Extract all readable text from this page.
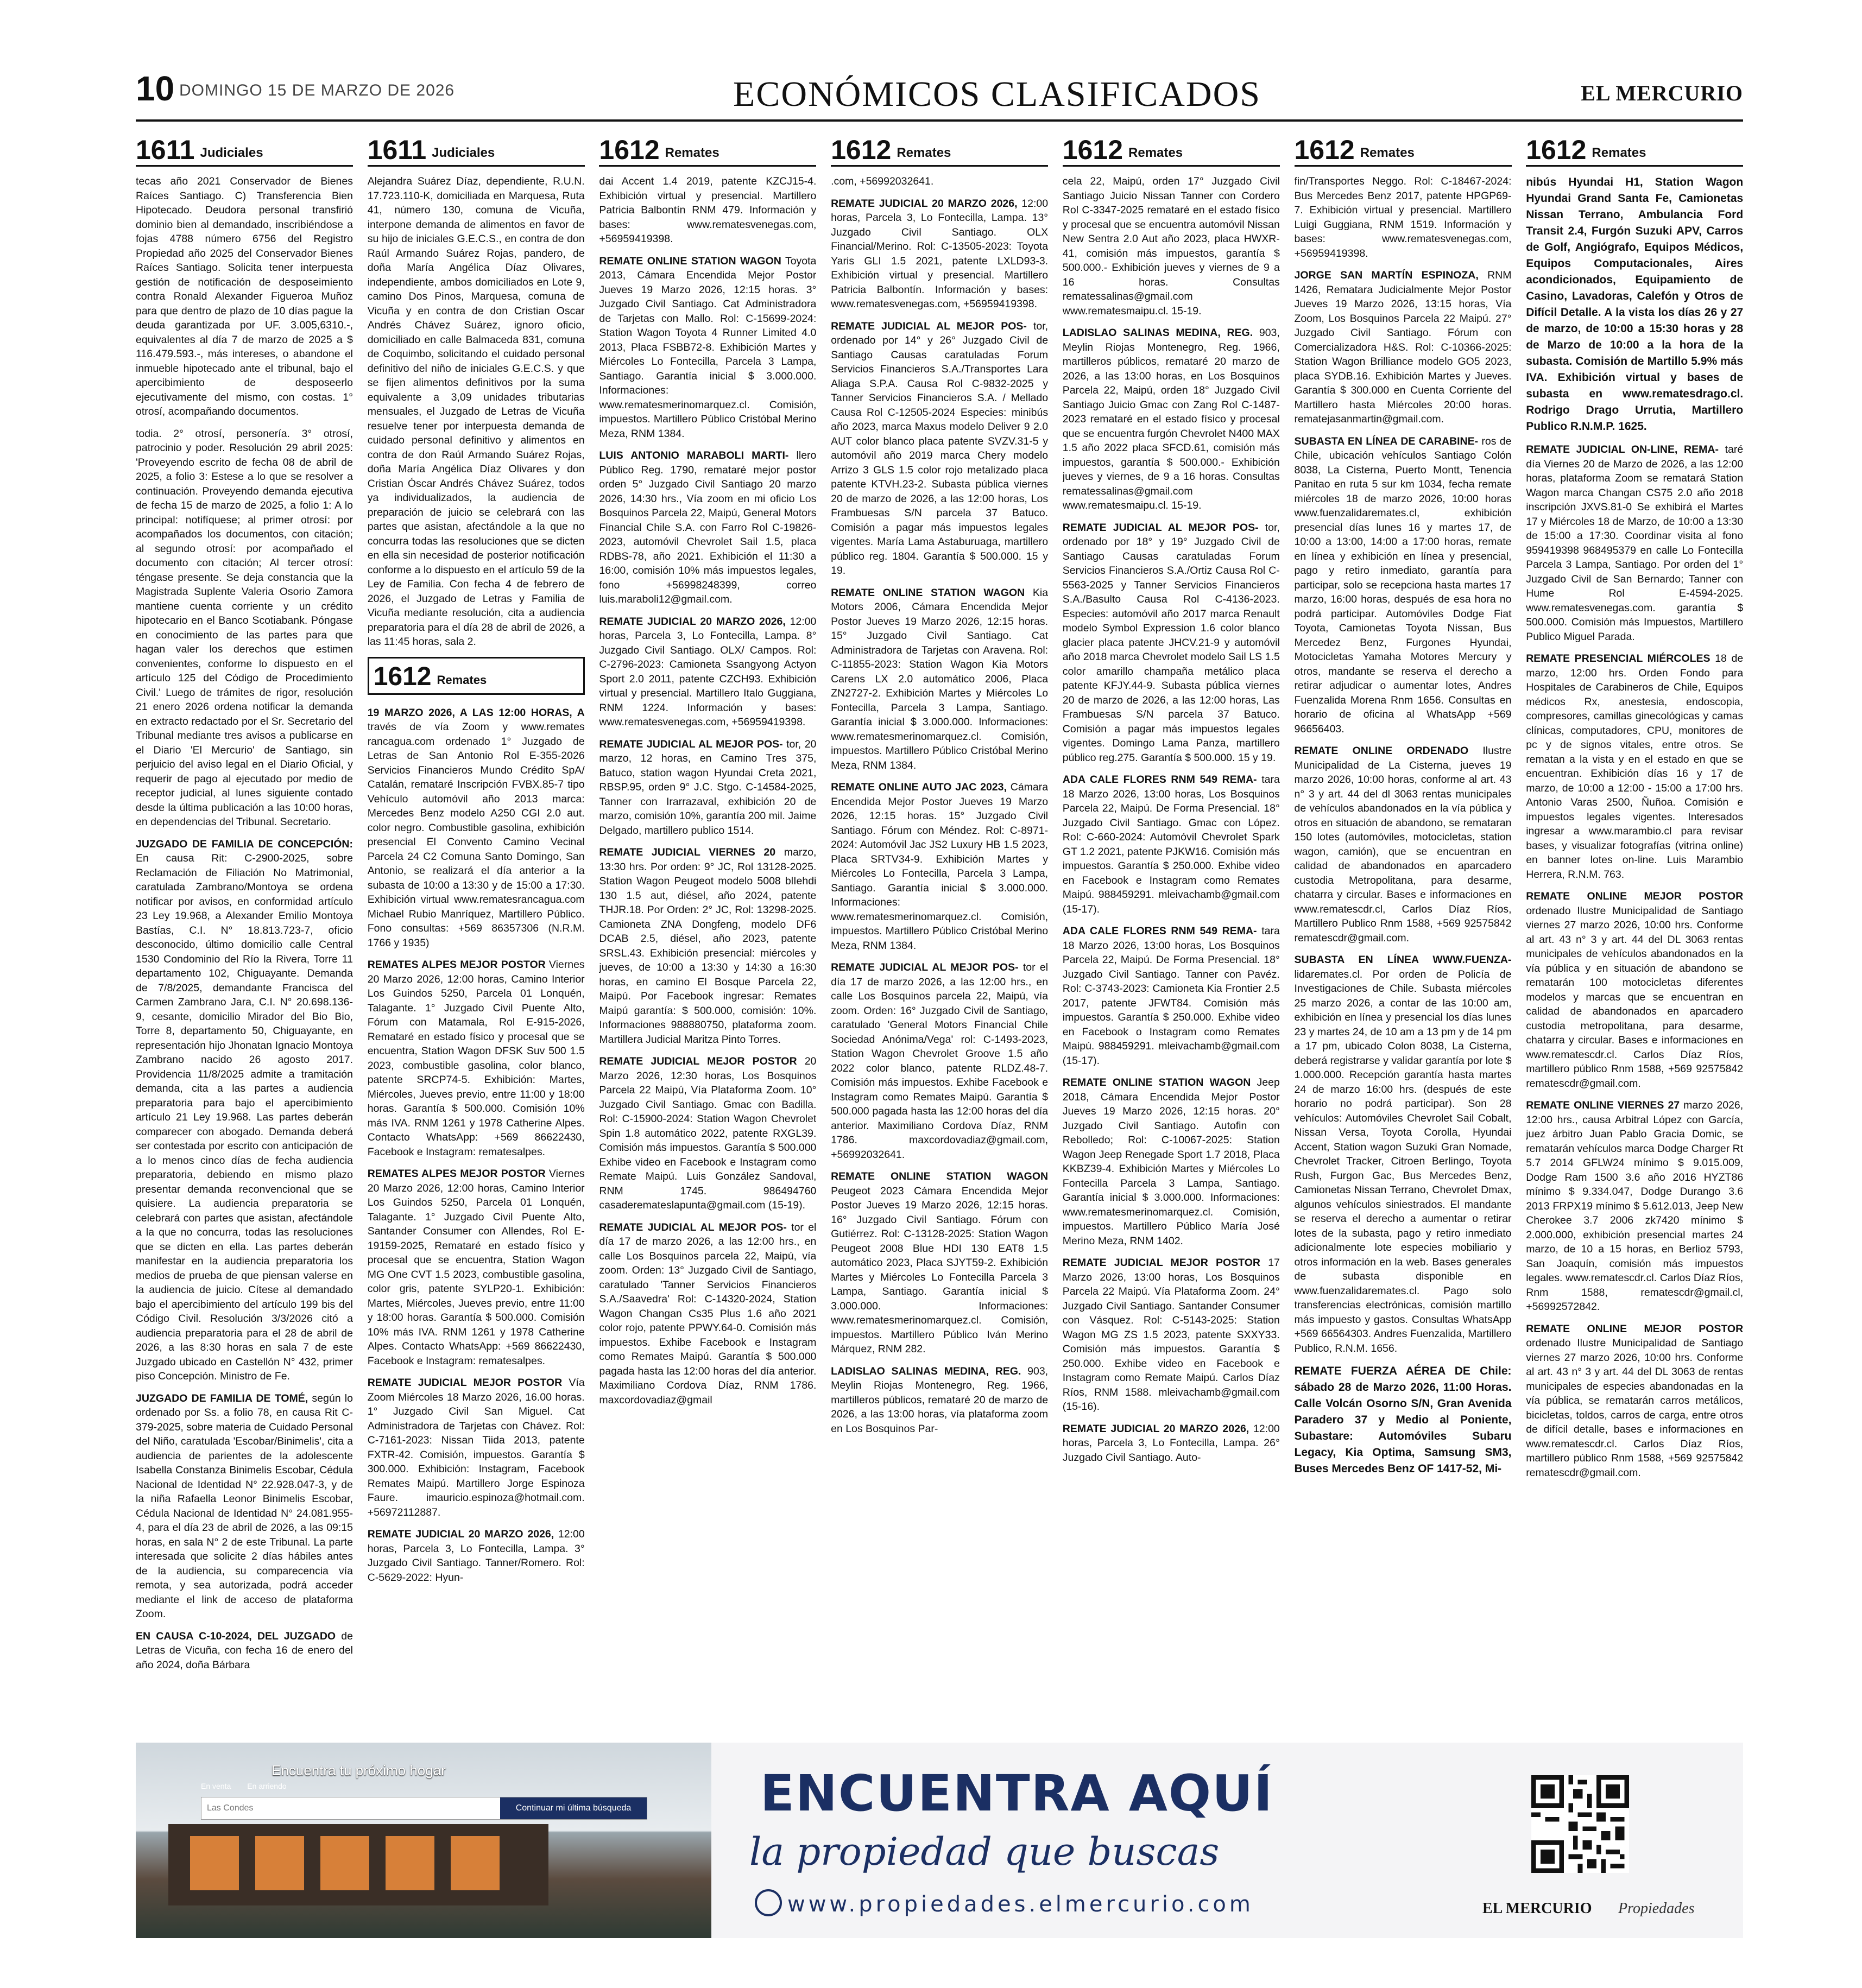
10 DOMINGO 15 DE MARZO DE 2026	ECONÓMICOS CLASIFICADOS	EL MERCURIO
1611 Judiciales

tecas año 2021 Conservador de Bienes Raíces Santiago. C) Transferencia Bien Hipotecado. Deudora personal transfirió dominio bien al demandado, inscribiéndose a fojas 4788 número 6756 del Registro Propiedad año 2025 del Conservador Bienes Raíces Santiago. Solicita tener interpuesta gestión de notificación de desposeimiento contra Ronald Alexander Figueroa Muñoz para que dentro de plazo de 10 días pague la deuda garantizada por UF. 3.005,6310.-, equivalentes al día 7 de marzo de 2025 a $ 116.479.593.-, más intereses, o abandone el inmueble hipotecado ante el tribunal, bajo el apercibimiento de desposeerlo ejecutivamente del mismo, con costas. 1° otrosí, acompañando documentos.

todia. 2° otrosí, personería. 3° otrosí, patrocinio y poder. Resolución 29 abril 2025: 'Proveyendo escrito de fecha 08 de abril de 2025, a folio 3: Estese a lo que se resolver a continuación. Proveyendo demanda ejecutiva de fecha 15 de marzo de 2025, a folio 1: A lo principal: notifíquese; al primer otrosí: por acompañados los documentos, con citación; al segundo otrosí: por acompañado el documento con citación; Al tercer otrosí: téngase presente. Se deja constancia que la Magistrada Suplente Valeria Osorio Zamora mantiene cuenta corriente y un crédito hipotecario en el Banco Scotiabank. Póngase en conocimiento de las partes para que hagan valer los derechos que estimen convenientes, conforme lo dispuesto en el artículo 125 del Código de Procedimiento Civil.' Luego de trámites de rigor, resolución 21 enero 2026 ordena notificar la demanda en extracto redactado por el Sr. Secretario del Tribunal mediante tres avisos a publicarse en el Diario 'El Mercurio' de Santiago, sin perjuicio del aviso legal en el Diario Oficial, y requerir de pago al ejecutado por medio de receptor judicial, al lunes siguiente contado desde la última publicación a las 10:00 horas, en dependencias del Tribunal. Secretario.

JUZGADO DE FAMILIA DE CONCEPCIÓN: En causa Rit: C-2900-2025, sobre Reclamación de Filiación No Matrimonial, caratulada Zambrano/Montoya se ordena notificar por avisos, en conformidad artículo 23 Ley 19.968, a Alexander Emilio Montoya Bastías, C.I. N° 18.813.723-7, oficio desconocido, último domicilio calle Central 1530 Condominio del Río la Rivera, Torre 11 departamento 102, Chiguayante. Demanda de 7/8/2025, demandante Francisca del Carmen Zambrano Jara, C.I. N° 20.698.136-9, cesante, domicilio Mirador del Bio Bio, Torre 8, departamento 50, Chiguayante, en representación hijo Jhonatan Ignacio Montoya Zambrano nacido 26 agosto 2017. Providencia 11/8/2025 admite a tramitación demanda, cita a las partes a audiencia preparatoria para bajo el apercibimiento artículo 21 Ley 19.968. Las partes deberán comparecer con abogado. Demanda deberá ser contestada por escrito con anticipación de a lo menos cinco días de fecha audiencia preparatoria, debiendo en mismo plazo presentar demanda reconvencional que se quisiere. La audiencia preparatoria se celebrará con partes que asistan, afectándole a la que no concurra, todas las resoluciones que se dicten en ella. Las partes deberán manifestar en la audiencia preparatoria los medios de prueba de que piensan valerse en la audiencia de juicio. Cítese al demandado bajo el apercibimiento del artículo 199 bis del Código Civil. Resolución 3/3/2026 citó a audiencia preparatoria para el 28 de abril de 2026, a las 8:30 horas en sala 7 de este Juzgado ubicado en Castellón N° 432, primer piso Concepción. Ministro de Fe.

JUZGADO DE FAMILIA DE TOMÉ, según lo ordenado por Ss. a folio 78, en causa Rit C-379-2025, sobre materia de Cuidado Personal del Niño, caratulada 'Escobar/Binimelis', cita a audiencia de parientes de la adolescente Isabella Constanza Binimelis Escobar, Cédula Nacional de Identidad N° 22.928.047-3, y de la niña Rafaella Leonor Binimelis Escobar, Cédula Nacional de Identidad N° 24.081.955-4, para el día 23 de abril de 2026, a las 09:15 horas, en sala N° 2 de este Tribunal. La parte interesada que solicite 2 días hábiles antes de la audiencia, su comparecencia vía remota, y sea autorizada, podrá acceder mediante el link de acceso de plataforma Zoom.

EN CAUSA C-10-2024, DEL JUZGADO de Letras de Vicuña, con fecha 16 de enero del año 2024, doña Bárbara

1611 Judiciales

Alejandra Suárez Díaz, dependiente, R.U.N. 17.723.110-K, domiciliada en Marquesa, Ruta 41, número 130, comuna de Vicuña, interpone demanda de alimentos en favor de su hijo de iniciales G.E.C.S., en contra de don Raúl Armando Suárez Rojas, pandero, de doña María Angélica Díaz Olivares, independiente, ambos domiciliados en Lote 9, camino Dos Pinos, Marquesa, comuna de Vicuña y en contra de don Cristian Oscar Andrés Chávez Suárez, ignoro oficio, domiciliado en calle Balmaceda 831, comuna de Coquimbo, solicitando el cuidado personal definitivo del niño de iniciales G.E.C.S. y que se fijen alimentos definitivos por la suma equivalente a 3,09 unidades tributarias mensuales, el Juzgado de Letras de Vicuña resuelve tener por interpuesta demanda de cuidado personal definitivo y alimentos en contra de don Raúl Armando Suárez Rojas, doña María Angélica Díaz Olivares y don Cristian Óscar Andrés Chávez Suárez, todos ya individualizados, la audiencia de preparación de juicio se celebrará con las partes que asistan, afectándole a la que no concurra todas las resoluciones que se dicten en ella sin necesidad de posterior notificación conforme a lo dispuesto en el artículo 59 de la Ley de Familia. Con fecha 4 de febrero de 2026, el Juzgado de Letras y Familia de Vicuña mediante resolución, cita a audiencia preparatoria para el día 28 de abril de 2026, a las 11:45 horas, sala 2.

1612 Remates

19 MARZO 2026, A LAS 12:00 HORAS, A través de vía Zoom y www.remates rancagua.com ordenado 1° Juzgado de Letras de San Antonio Rol E-355-2026 Servicios Financieros Mundo Crédito SpA/ Catalán, remataré Inscripción FVBX.85-7 tipo Vehículo automóvil año 2013 marca: Mercedes Benz modelo A250 CGI 2.0 aut. color negro. Combustible gasolina, exhibición presencial El Convento Camino Vecinal Parcela 24 C2 Comuna Santo Domingo, San Antonio, se realizará el día anterior a la subasta de 10:00 a 13:30 y de 15:00 a 17:30. Exhibición virtual www.rematesrancagua.com Michael Rubio Manríquez, Martillero Público. Fono consultas: +569 86357306 (N.R.M. 1766 y 1935)

REMATES ALPES MEJOR POSTOR Viernes 20 Marzo 2026, 12:00 horas, Camino Interior Los Guindos 5250, Parcela 01 Lonquén, Talagante. 1° Juzgado Civil Puente Alto, Fórum con Matamala, Rol E-915-2026, Remataré en estado físico y procesal que se encuentra, Station Wagon DFSK Suv 500 1.5 2023, combustible gasolina, color blanco, patente SRCP74-5. Exhibición: Martes, Miércoles, Jueves previo, entre 11:00 y 18:00 horas. Garantía $ 500.000. Comisión 10% más IVA. RNM 1261 y 1978 Catherine Alpes. Contacto WhatsApp: +569 86622430, Facebook e Instagram: rematesalpes.

REMATES ALPES MEJOR POSTOR Viernes 20 Marzo 2026, 12:00 horas, Camino Interior Los Guindos 5250, Parcela 01 Lonquén, Talagante. 1° Juzgado Civil Puente Alto, Santander Consumer con Allendes, Rol E-19159-2025, Remataré en estado físico y procesal que se encuentra, Station Wagon MG One CVT 1.5 2023, combustible gasolina, color gris, patente SYLP20-1. Exhibición: Martes, Miércoles, Jueves previo, entre 11:00 y 18:00 horas. Garantía $ 500.000. Comisión 10% más IVA. RNM 1261 y 1978 Catherine Alpes. Contacto WhatsApp: +569 86622430, Facebook e Instagram: rematesalpes.

REMATE JUDICIAL MEJOR POSTOR Vía Zoom Miércoles 18 Marzo 2026, 16.00 horas. 1° Juzgado Civil San Miguel. Cat Administradora de Tarjetas con Chávez. Rol: C-7161-2023: Nissan Tiida 2013, patente FXTR-42. Comisión, impuestos. Garantía $ 300.000. Exhibición: Instagram, Facebook Remates Maipú. Martillero Jorge Espinoza Faure. imauricio.espinoza@hotmail.com. +56972112887.

REMATE JUDICIAL 20 MARZO 2026, 12:00 horas, Parcela 3, Lo Fontecilla, Lampa. 3° Juzgado Civil Santiago. Tanner/Romero. Rol: C-5629-2022: Hyun-

1612 Remates

dai Accent 1.4 2019, patente KZCJ15-4. Exhibición virtual y presencial. Martillero Patricia Balbontín RNM 479. Información y bases: www.rematesvenegas.com, +56959419398.

REMATE ONLINE STATION WAGON Toyota 2013, Cámara Encendida Mejor Postor Jueves 19 Marzo 2026, 12:15 horas. 3° Juzgado Civil Santiago. Cat Administradora de Tarjetas con Mallo. Rol: C-15699-2024: Station Wagon Toyota 4 Runner Limited 4.0 2013, Placa FSBB72-8. Exhibición Martes y Miércoles Lo Fontecilla, Parcela 3 Lampa, Santiago. Garantía inicial $ 3.000.000. Informaciones: www.rematesmerinomarquez.cl. Comisión, impuestos. Martillero Público Cristóbal Merino Meza, RNM 1384.

LUIS ANTONIO MARABOLI MARTI- llero Público Reg. 1790, remataré mejor postor orden 5° Juzgado Civil Santiago 20 marzo 2026, 14:30 hrs., Vía zoom en mi oficio Los Bosquinos Parcela 22, Maipú, General Motors Financial Chile S.A. con Farro Rol C-19826-2023, automóvil Chevrolet Sail 1.5, placa RDBS-78, año 2021. Exhibición el 11:30 a 16:00, comisión 10% más impuestos legales, fono +56998248399, correo luis.maraboli12@gmail.com.

REMATE JUDICIAL 20 MARZO 2026, 12:00 horas, Parcela 3, Lo Fontecilla, Lampa. 8° Juzgado Civil Santiago. OLX/ Campos. Rol: C-2796-2023: Camioneta Ssangyong Actyon Sport 2.0 2011, patente CZCH93. Exhibición virtual y presencial. Martillero Italo Guggiana, RNM 1224. Información y bases: www.rematesvenegas.com, +56959419398.

REMATE JUDICIAL AL MEJOR POS- tor, 20 marzo, 12 horas, en Camino Tres 375, Batuco, station wagon Hyundai Creta 2021, RBSP.95, orden 9° J.C. Stgo. C-14584-2025, Tanner con Irarrazaval, exhibición 20 de marzo, comisión 10%, garantía 200 mil. Jaime Delgado, martillero publico 1514.

REMATE JUDICIAL VIERNES 20 marzo, 13:30 hrs. Por orden: 9° JC, Rol 13128-2025. Station Wagon Peugeot modelo 5008 blIehdi 130 1.5 aut, diésel, año 2024, patente THJR.18. Por Orden: 2° JC, Rol: 13298-2025. Camioneta ZNA Dongfeng, modelo DF6 DCAB 2.5, diésel, año 2023, patente SRSL.43. Exhibición presencial: miércoles y jueves, de 10:00 a 13:30 y 14:30 a 16:30 horas, en camino El Bosque Parcela 22, Maipú. Por Facebook ingresar: Remates Maipú garantía: $ 500.000, comisión: 10%. Informaciones 988880750, plataforma zoom. Martillera Judicial Maritza Pinto Torres.

REMATE JUDICIAL MEJOR POSTOR 20 Marzo 2026, 12:30 horas, Los Bosquinos Parcela 22 Maipú, Vía Plataforma Zoom. 10° Juzgado Civil Santiago. Gmac con Badilla. Rol: C-15900-2024: Station Wagon Chevrolet Spin 1.8 automático 2022, patente RXGL39. Comisión más impuestos. Garantía $ 500.000 Exhibe video en Facebook e Instagram como Remate Maipú. Luis González Sandoval, RNM 1745. 986494760 casaderemateslapunta@gmail.com (15-19).

REMATE JUDICIAL AL MEJOR POS- tor el día 17 de marzo 2026, a las 12:00 hrs., en calle Los Bosquinos parcela 22, Maipú, vía zoom. Orden: 13° Juzgado Civil de Santiago, caratulado 'Tanner Servicios Financieros S.A./Saavedra' Rol: C-14320-2024, Station Wagon Changan Cs35 Plus 1.6 año 2021 color rojo, patente PPWY.64-0. Comisión más impuestos. Exhibe Facebook e Instagram como Remates Maipú. Garantía $ 500.000 pagada hasta las 12:00 horas del día anterior. Maximiliano Cordova Díaz, RNM 1786. maxcordovadiaz@gmail

1612 Remates

.com, +56992032641.

REMATE JUDICIAL 20 MARZO 2026, 12:00 horas, Parcela 3, Lo Fontecilla, Lampa. 13° Juzgado Civil Santiago. OLX Financial/Merino. Rol: C-13505-2023: Toyota Yaris GLI 1.5 2021, patente LXLD93-3. Exhibición virtual y presencial. Martillero Patricia Balbontín. Información y bases: www.rematesvenegas.com, +56959419398.

REMATE JUDICIAL AL MEJOR POS- tor, ordenado por 14° y 26° Juzgado Civil de Santiago Causas caratuladas Forum Servicios Financieros S.A./Transportes Lara Aliaga S.P.A. Causa Rol C-9832-2025 y Tanner Servicios Financieros S.A. / Mellado Causa Rol C-12505-2024 Especies: minibús año 2023, marca Maxus modelo Deliver 9 2.0 AUT color blanco placa patente SVZV.31-5 y automóvil año 2019 marca Chery modelo Arrizo 3 GLS 1.5 color rojo metalizado placa patente KTVH.23-2. Subasta pública viernes 20 de marzo de 2026, a las 12:00 horas, Los Frambuesas S/N parcela 37 Batuco. Comisión a pagar más impuestos legales vigentes. María Lama Astaburuaga, martillero público reg. 1804. Garantía $ 500.000. 15 y 19.

REMATE ONLINE STATION WAGON Kia Motors 2006, Cámara Encendida Mejor Postor Jueves 19 Marzo 2026, 12:15 horas. 15° Juzgado Civil Santiago. Cat Administradora de Tarjetas con Aravena. Rol: C-11855-2023: Station Wagon Kia Motors Carens LX 2.0 automático 2006, Placa ZN2727-2. Exhibición Martes y Miércoles Lo Fontecilla, Parcela 3 Lampa, Santiago. Garantía inicial $ 3.000.000. Informaciones: www.rematesmerinomarquez.cl. Comisión, impuestos. Martillero Público Cristóbal Merino Meza, RNM 1384.

REMATE ONLINE AUTO JAC 2023, Cámara Encendida Mejor Postor Jueves 19 Marzo 2026, 12:15 horas. 15° Juzgado Civil Santiago. Fórum con Méndez. Rol: C-8971-2024: Automóvil Jac JS2 Luxury HB 1.5 2023, Placa SRTV34-9. Exhibición Martes y Miércoles Lo Fontecilla, Parcela 3 Lampa, Santiago. Garantía inicial $ 3.000.000. Informaciones: www.rematesmerinomarquez.cl. Comisión, impuestos. Martillero Público Cristóbal Merino Meza, RNM 1384.

REMATE JUDICIAL AL MEJOR POS- tor el día 17 de marzo 2026, a las 12:00 hrs., en calle Los Bosquinos parcela 22, Maipú, vía zoom. Orden: 16° Juzgado Civil de Santiago, caratulado 'General Motors Financial Chile Sociedad Anónima/Vega' rol: C-1493-2023, Station Wagon Chevrolet Groove 1.5 año 2022 color blanco, patente RLDZ.48-7. Comisión más impuestos. Exhibe Facebook e Instagram como Remates Maipú. Garantía $ 500.000 pagada hasta las 12:00 horas del día anterior. Maximiliano Cordova Díaz, RNM 1786. maxcordovadiaz@gmail.com, +56992032641.

REMATE ONLINE STATION WAGON Peugeot 2023 Cámara Encendida Mejor Postor Jueves 19 Marzo 2026, 12:15 horas. 16° Juzgado Civil Santiago. Fórum con Gutiérrez. Rol: C-13128-2025: Station Wagon Peugeot 2008 Blue HDI 130 EAT8 1.5 automático 2023, Placa SJYT59-2. Exhibición Martes y Miércoles Lo Fontecilla Parcela 3 Lampa, Santiago. Garantía inicial $ 3.000.000. Informaciones: www.rematesmerinomarquez.cl. Comisión, impuestos. Martillero Público Iván Merino Márquez, RNM 282.

LADISLAO SALINAS MEDINA, REG. 903, Meylin Riojas Montenegro, Reg. 1966, martilleros públicos, remataré 20 de marzo de 2026, a las 13:00 horas, vía plataforma zoom en Los Bosquinos Par-

1612 Remates

cela 22, Maipú, orden 17° Juzgado Civil Santiago Juicio Nissan Tanner con Cordero Rol C-3347-2025 remataré en el estado físico y procesal que se encuentra automóvil Nissan New Sentra 2.0 Aut año 2023, placa HWXR-41, comisión más impuestos, garantía $ 500.000.- Exhibición jueves y viernes de 9 a 16 horas. Consultas rematessalinas@gmail.com www.rematesmaipu.cl. 15-19.

LADISLAO SALINAS MEDINA, REG. 903, Meylin Riojas Montenegro, Reg. 1966, martilleros públicos, remataré 20 marzo de 2026, a las 13:00 horas, en Los Bosquinos Parcela 22, Maipú, orden 18° Juzgado Civil Santiago Juicio Gmac con Zang Rol C-1487-2023 remataré en el estado físico y procesal que se encuentra furgón Chevrolet N400 MAX 1.5 año 2022 placa SFCD.61, comisión más impuestos, garantía $ 500.000.- Exhibición jueves y viernes, de 9 a 16 horas. Consultas rematessalinas@gmail.com www.rematesmaipu.cl. 15-19.

REMATE JUDICIAL AL MEJOR POS- tor, ordenado por 18° y 19° Juzgado Civil de Santiago Causas caratuladas Forum Servicios Financieros S.A./Ortiz Causa Rol C-5563-2025 y Tanner Servicios Financieros S.A./Basulto Causa Rol C-4136-2023. Especies: automóvil año 2017 marca Renault modelo Symbol Expression 1.6 color blanco glacier placa patente JHCV.21-9 y automóvil año 2018 marca Chevrolet modelo Sail LS 1.5 color amarillo champaña metálico placa patente KFJY.44-9. Subasta pública viernes 20 de marzo de 2026, a las 12:00 horas, Las Frambuesas S/N parcela 37 Batuco. Comisión a pagar más impuestos legales vigentes. Domingo Lama Panza, martillero público reg.275. Garantía $ 500.000. 15 y 19.

ADA CALE FLORES RNM 549 REMA- tara 18 Marzo 2026, 13:00 horas, Los Bosquinos Parcela 22, Maipú. De Forma Presencial. 18° Juzgado Civil Santiago. Gmac con López. Rol: C-660-2024: Automóvil Chevrolet Spark GT 1.2 2021, patente PJKW16. Comisión más impuestos. Garantía $ 250.000. Exhibe video en Facebook e Instagram como Remates Maipú. 988459291. mleivachamb@gmail.com (15-17).

ADA CALE FLORES RNM 549 REMA- tara 18 Marzo 2026, 13:00 horas, Los Bosquinos Parcela 22, Maipú. De Forma Presencial. 18° Juzgado Civil Santiago. Tanner con Pavéz. Rol: C-3743-2023: Camioneta Kia Frontier 2.5 2017, patente JFWT84. Comisión más impuestos. Garantía $ 250.000. Exhibe video en Facebook o Instagram como Remates Maipú. 988459291. mleivachamb@gmail.com (15-17).

REMATE ONLINE STATION WAGON Jeep 2018, Cámara Encendida Mejor Postor Jueves 19 Marzo 2026, 12:15 horas. 20° Juzgado Civil Santiago. Autofin con Rebolledo; Rol: C-10067-2025: Station Wagon Jeep Renegade Sport 1.7 2018, Placa KKBZ39-4. Exhibición Martes y Miércoles Lo Fontecilla Parcela 3 Lampa, Santiago. Garantía inicial $ 3.000.000. Informaciones: www.rematesmerinomarquez.cl. Comisión, impuestos. Martillero Público María José Merino Meza, RNM 1402.

REMATE JUDICIAL MEJOR POSTOR 17 Marzo 2026, 13:00 horas, Los Bosquinos Parcela 22 Maipú. Vía Plataforma Zoom. 24° Juzgado Civil Santiago. Santander Consumer con Vásquez. Rol: C-5143-2025: Station Wagon MG ZS 1.5 2023, patente SXXY33. Comisión más impuestos. Garantía $ 250.000. Exhibe video en Facebook e Instagram como Remate Maipú. Carlos Díaz Ríos, RNM 1588. mleivachamb@gmail.com (15-16).

REMATE JUDICIAL 20 MARZO 2026, 12:00 horas, Parcela 3, Lo Fontecilla, Lampa. 26° Juzgado Civil Santiago. Auto-

1612 Remates

fin/Transportes Neggo. Rol: C-18467-2024: Bus Mercedes Benz 2017, patente HPGP69-7. Exhibición virtual y presencial. Martillero Luigi Guggiana, RNM 1519. Información y bases: www.rematesvenegas.com, +56959419398.

JORGE SAN MARTÍN ESPINOZA, RNM 1426, Rematara Judicialmente Mejor Postor Jueves 19 Marzo 2026, 13:15 horas, Vía Zoom, Los Bosquinos Parcela 22 Maipú. 27° Juzgado Civil Santiago. Fórum con Comercializadora H&S. Rol: C-10366-2025: Station Wagon Brilliance modelo GO5 2023, placa SYDB.16. Exhibición Martes y Jueves. Garantía $ 300.000 en Cuenta Corriente del Martillero hasta Miércoles 20:00 horas. rematejasanmartin@gmail.com.

SUBASTA EN LÍNEA DE CARABINE- ros de Chile, ubicación vehículos Santiago Colón 8038, La Cisterna, Puerto Montt, Tenencia Panitao en ruta 5 sur km 1034, fecha remate miércoles 18 de marzo 2026, 10:00 horas www.fuenzalidaremates.cl, exhibición presencial días lunes 16 y martes 17, de 10:00 a 13:00, 14:00 a 17:00 horas, remate en línea y exhibición en línea y presencial, pago y retiro inmediato, garantía para participar, solo se recepciona hasta martes 17 marzo, 16:00 horas, después de esa hora no podrá participar. Automóviles Dodge Fiat Toyota, Camionetas Toyota Nissan, Bus Mercedez Benz, Furgones Hyundai, Motocicletas Yamaha Motores Mercury y otros, mandante se reserva el derecho a retirar adjudicar o aumentar lotes, Andres Fuenzalida Morena Rnm 1656. Consultas en horario de oficina al WhatsApp +569 96656403.

REMATE ONLINE ORDENADO Ilustre Municipalidad de La Cisterna, jueves 19 marzo 2026, 10:00 horas, conforme al art. 43 n° 3 y art. 44 del dl 3063 rentas municipales de vehículos abandonados en la vía pública y otros en situación de abandono, se remataran 150 lotes (automóviles, motocicletas, station wagon, camión), que se encuentran en calidad de abandonados en aparcadero custodia Metropolitana, para desarme, chatarra y circular. Bases e informaciones en www.rematescdr.cl, Carlos Díaz Ríos, Martillero Publico Rnm 1588, +569 92575842 rematescdr@gmail.com.

SUBASTA EN LÍNEA WWW.FUENZA- lidaremates.cl. Por orden de Policía de Investigaciones de Chile. Subasta miércoles 25 marzo 2026, a contar de las 10:00 am, exhibición en línea y presencial los días lunes 23 y martes 24, de 10 am a 13 pm y de 14 pm a 17 pm, ubicado Colon 8038, La Cisterna, deberá registrarse y validar garantía por lote $ 1.000.000. Recepción garantía hasta martes 24 de marzo 16:00 hrs. (después de este horario no podrá participar). Son 28 vehículos: Automóviles Chevrolet Sail Cobalt, Nissan Versa, Toyota Corolla, Hyundai Accent, Station wagon Suzuki Gran Nomade, Chevrolet Tracker, Citroen Berlingo, Toyota Rush, Furgon Gac, Bus Mercedes Benz, Camionetas Nissan Terrano, Chevrolet Dmax, algunos vehículos siniestrados. El mandante se reserva el derecho a aumentar o retirar lotes de la subasta, pago y retiro inmediato adicionalmente lote especies mobiliario y otros información en la web. Bases generales de subasta disponible en www.fuenzalidaremates.cl. Pago solo transferencias electrónicas, comisión martillo más impuesto y gastos. Consultas WhatsApp +569 66564303. Andres Fuenzalida, Martillero Publico, R.N.M. 1656.

REMATE FUERZA AÉREA DE Chile: sábado 28 de Marzo 2026, 11:00 Horas. Calle Volcán Osorno S/N, Gran Avenida Paradero 37 y Medio al Poniente, Subastare: Automóviles Subaru Legacy, Kia Optima, Samsung SM3, Buses Mercedes Benz OF 1417-52, Mi-

1612 Remates

nibús Hyundai H1, Station Wagon Hyundai Grand Santa Fe, Camionetas Nissan Terrano, Ambulancia Ford Transit 2.4, Furgón Suzuki APV, Carros de Golf, Angiógrafo, Equipos Médicos, Equipos Computacionales, Aires acondicionados, Equipamiento de Casino, Lavadoras, Calefón y Otros de Difícil Detalle. A la vista los días 26 y 27 de marzo, de 10:00 a 15:30 horas y 28 de Marzo de 10:00 a la hora de la subasta. Comisión de Martillo 5.9% más IVA. Exhibición virtual y bases de subasta en www.rematesdrago.cl. Rodrigo Drago Urrutia, Martillero Publico R.N.M.P. 1625.

REMATE JUDICIAL ON-LINE, REMA- taré día Viernes 20 de Marzo de 2026, a las 12:00 horas, plataforma Zoom se rematará Station Wagon marca Changan CS75 2.0 año 2018 inscripción JXVS.81-0 Se exhibirá el Martes 17 y Miércoles 18 de Marzo, de 10:00 a 13:30 de 15:00 a 17:30. Coordinar visita al fono 959419398 968495379 en calle Lo Fontecilla Parcela 3 Lampa, Santiago. Por orden del 1° Juzgado Civil de San Bernardo; Tanner con Hume Rol E-4594-2025. www.rematesvenegas.com. garantía $ 500.000. Comisión más Impuestos, Martillero Publico Miguel Parada.

REMATE PRESENCIAL MIÉRCOLES 18 de marzo, 12:00 hrs. Orden Fondo para Hospitales de Carabineros de Chile, Equipos médicos Rx, anestesia, endoscopia, compresores, camillas ginecológicas y camas clínicas, computadores, CPU, monitores de pc y de signos vitales, entre otros. Se rematan a la vista y en el estado en que se encuentran. Exhibición días 16 y 17 de marzo, de 10:00 a 12:00 - 15:00 a 17:00 hrs. Antonio Varas 2500, Ñuñoa. Comisión e impuestos legales vigentes. Interesados ingresar a www.marambio.cl para revisar bases, y visualizar fotografías (vitrina online) en banner lotes on-line. Luis Marambio Herrera, R.N.M. 763.

REMATE ONLINE MEJOR POSTOR ordenado Ilustre Municipalidad de Santiago viernes 27 marzo 2026, 10:00 hrs. Conforme al art. 43 n° 3 y art. 44 del DL 3063 rentas municipales de vehículos abandonados en la vía pública y en situación de abandono se rematarán 100 motocicletas diferentes modelos y marcas que se encuentran en calidad de abandonados en aparcadero custodia metropolitana, para desarme, chatarra y circular. Bases e informaciones en www.rematescdr.cl. Carlos Díaz Ríos, martillero público Rnm 1588, +569 92575842 rematescdr@gmail.com.

REMATE ONLINE VIERNES 27 marzo 2026, 12:00 hrs., causa Arbitral López con García, juez árbitro Juan Pablo Gracia Domic, se rematarán vehículos marca Dodge Charger Rt 5.7 2014 GFLW24 mínimo $ 9.015.009, Dodge Ram 1500 3.6 año 2016 HYZT86 mínimo $ 9.334.047, Dodge Durango 3.6 2013 FRPX19 mínimo $ 5.612.013, Jeep New Cherokee 3.7 2006 zk7420 mínimo $ 2.000.000, exhibición presencial martes 24 marzo, de 10 a 15 horas, en Berlioz 5793, San Joaquín, comisión más impuestos legales. www.rematescdr.cl. Carlos Díaz Ríos, Rnm 1588, rematescdr@gmail.cl, +56992572842.

REMATE ONLINE MEJOR POSTOR ordenado Ilustre Municipalidad de Santiago viernes 27 marzo 2026, 10:00 hrs. Conforme al art. 43 n° 3 y art. 44 del DL 3063 de rentas municipales de especies abandonadas en la vía pública, se rematarán carros metálicos, bicicletas, toldos, carros de carga, entre otros de difícil detalle, bases e informaciones en www.rematescdr.cl. Carlos Díaz Ríos, martillero público Rnm 1588, +569 92575842 rematescdr@gmail.com.

Encuentra tu próximo hogar
En venta En arriendo
Las Condes	Continuar mi última búsqueda	ENCUENTRA AQUÍ
la propiedad que buscas
www.propiedades.elmercurio.com	EL MERCURIO Propiedades
